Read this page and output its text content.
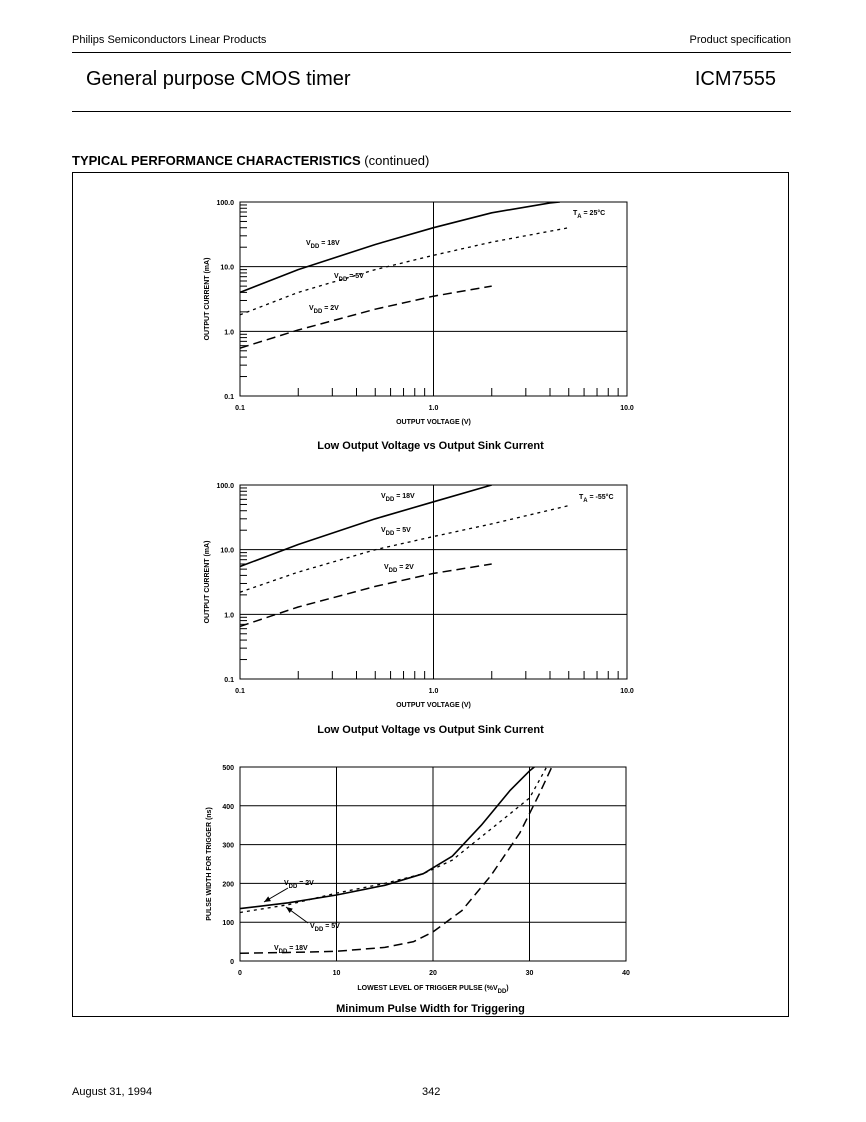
Philips Semiconductors Linear Products	Product specification
General purpose CMOS timer	ICM7555
TYPICAL PERFORMANCE CHARACTERISTICS (continued)
0.1
1.0
10.0
100.0
0.1	1.0	10.0
OUTPUT VOLTAGE (V)
OUTPUT CURRENT (mA)
$V_{DD} = 18V$
$V_{DD} = 5V$
$V_{DD} = 2V$
$T_A = 25^\circ C$
Low Output Voltage vs Output Sink Current
0.1
1.0
10.0
100.0
0.1	1.0	10.0
OUTPUT VOLTAGE (V)
OUTPUT CURRENT (mA)
$V_{DD} = 18V$
$V_{DD} = 5V$
$V_{DD} = 2V$
$T_A = -55^\circ C$
Low Output Voltage vs Output Sink Current
0
100
200
300
400
500
0	10	20	30	40
LOWEST LEVEL OF TRIGGER PULSE $(\%V_{DD})$
PULSE WIDTH FOR TRIGGER (ns)	$V_{DD} = 2V$
$V_{DD} = 5V$
$V_{DD} = 18V$
Minimum Pulse Width for Triggering
August 31, 1994	342
